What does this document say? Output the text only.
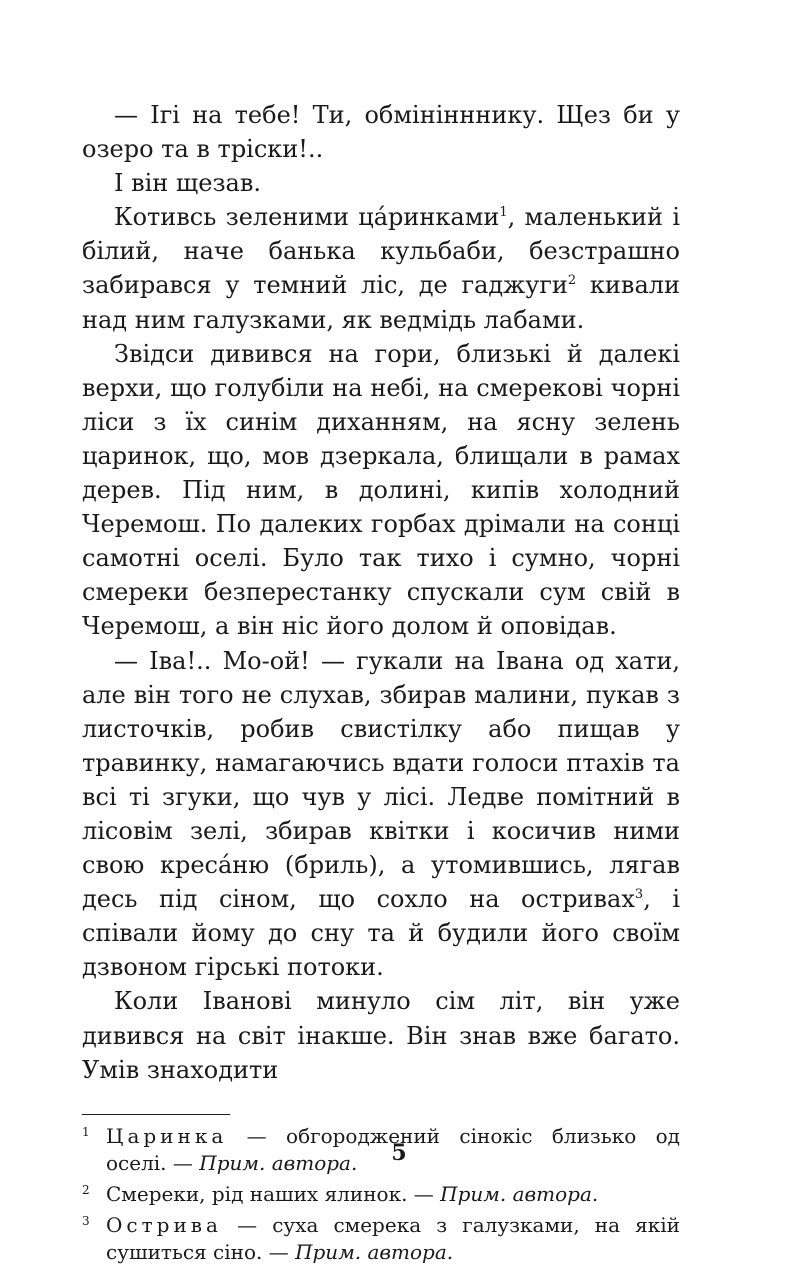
— Ігі на тебе! Ти, обмінінннику. Щез би у озеро та в тріски!..

І він щезав.

Котивсь зеленими ца́ринками$^1$, маленький і білий, наче банька кульбаби, безстрашно забирався у темний ліс, де гаджуги$^2$ кивали над ним галузками, як ведмідь лабами.

Звідси дивився на гори, близькі й далекі верхи, що голубіли на небі, на смерекові чорні ліси з їх синім диханням, на ясну зелень царинок, що, мов дзеркала, блищали в рамах дерев. Під ним, в долині, кипів холодний Черемош. По далеких горбах дрімали на сонці самотні оселі. Було так тихо і сумно, чорні смереки безперестанку спускали сум свій в Черемош, а він ніс його долом й оповідав.

— Іва!.. Мо-ой! — гукали на Івана од хати, але він того не слухав, збирав малини, пукав з листочків, робив свистілку або пищав у травинку, намагаючись вдати голоси птахів та всі ті згуки, що чув у лісі. Ледве помітний в лісовім зелі, збирав квітки і косичив ними свою креса́ню (бриль), а утомившись, лягав десь під сіном, що сохло на остривах$^3$, і співали йому до сну та й будили його своїм дзвоном гірські потоки.

Коли Іванові минуло сім літ, він уже дивився на світ інакше. Він знав вже багато. Умів знаходити

1 Царинка — обгороджений сінокіс близько од оселі. — Прим. автора.
2 Смереки, рід наших ялинок. — Прим. автора.
3 Острива — суха смерека з галузками, на якій сушиться сіно. — Прим. автора.
5
